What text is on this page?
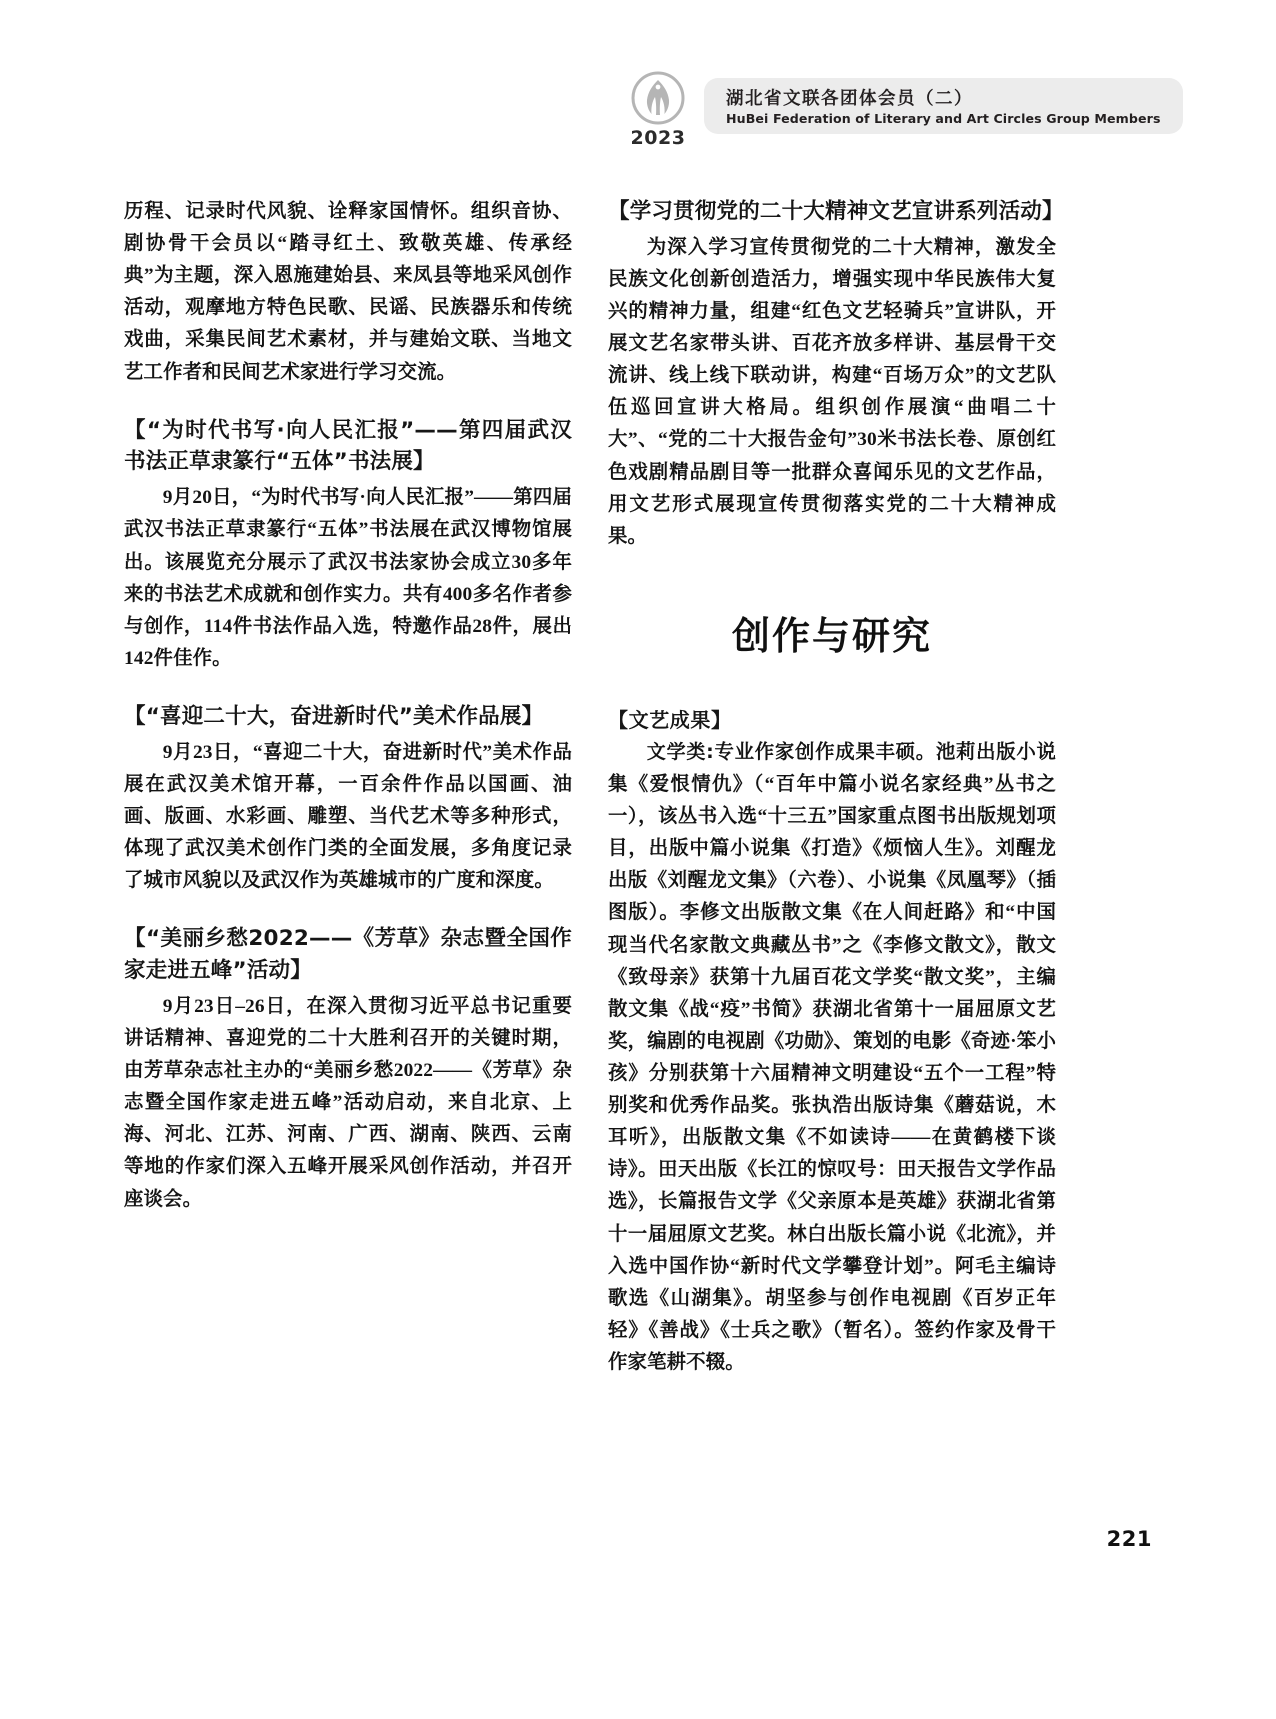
2023
湖北省文联各团体会员（二）
HuBei Federation of Literary and Art Circles Group Members

历程、记录时代风貌、诠释家国情怀。组织音协、剧协骨干会员以“踏寻红土、致敬英雄、传承经典”为主题，深入恩施建始县、来凤县等地采风创作活动，观摩地方特色民歌、民谣、民族器乐和传统戏曲，采集民间艺术素材，并与建始文联、当地文艺工作者和民间艺术家进行学习交流。

【“为时代书写·向人民汇报”——第四届武汉书法正草隶篆行“五体”书法展】

9月20日，“为时代书写·向人民汇报”——第四届武汉书法正草隶篆行“五体”书法展在武汉博物馆展出。该展览充分展示了武汉书法家协会成立30多年来的书法艺术成就和创作实力。共有400多名作者参与创作，114件书法作品入选，特邀作品28件，展出142件佳作。

【“喜迎二十大，奋进新时代”美术作品展】

9月23日，“喜迎二十大，奋进新时代”美术作品展在武汉美术馆开幕，一百余件作品以国画、油画、版画、水彩画、雕塑、当代艺术等多种形式，体现了武汉美术创作门类的全面发展，多角度记录了城市风貌以及武汉作为英雄城市的广度和深度。

【“美丽乡愁2022——《芳草》杂志暨全国作家走进五峰”活动】

9月23日–26日，在深入贯彻习近平总书记重要讲话精神、喜迎党的二十大胜利召开的关键时期，由芳草杂志社主办的“美丽乡愁2022——《芳草》杂志暨全国作家走进五峰”活动启动，来自北京、上海、河北、江苏、河南、广西、湖南、陕西、云南等地的作家们深入五峰开展采风创作活动，并召开座谈会。

【学习贯彻党的二十大精神文艺宣讲系列活动】

为深入学习宣传贯彻党的二十大精神，激发全民族文化创新创造活力，增强实现中华民族伟大复兴的精神力量，组建“红色文艺轻骑兵”宣讲队，开展文艺名家带头讲、百花齐放多样讲、基层骨干交流讲、线上线下联动讲，构建“百场万众”的文艺队伍巡回宣讲大格局。组织创作展演“曲唱二十大”、“党的二十大报告金句”30米书法长卷、原创红色戏剧精品剧目等一批群众喜闻乐见的文艺作品，用文艺形式展现宣传贯彻落实党的二十大精神成果。

创作与研究
【文艺成果】

文学类:专业作家创作成果丰硕。池莉出版小说集《爱恨情仇》（“百年中篇小说名家经典”丛书之一），该丛书入选“十三五”国家重点图书出版规划项目，出版中篇小说集《打造》《烦恼人生》。刘醒龙出版《刘醒龙文集》（六卷）、小说集《凤凰琴》（插图版）。李修文出版散文集《在人间赶路》和“中国现当代名家散文典藏丛书”之《李修文散文》，散文《致母亲》获第十九届百花文学奖“散文奖”，主编散文集《战“疫”书简》获湖北省第十一届屈原文艺奖，编剧的电视剧《功勋》、策划的电影《奇迹·笨小孩》分别获第十六届精神文明建设“五个一工程”特别奖和优秀作品奖。张执浩出版诗集《蘑菇说，木耳听》，出版散文集《不如读诗——在黄鹤楼下谈诗》。田天出版《长江的惊叹号：田天报告文学作品选》，长篇报告文学《父亲原本是英雄》获湖北省第十一届屈原文艺奖。林白出版长篇小说《北流》，并入选中国作协“新时代文学攀登计划”。阿毛主编诗歌选《山湖集》。胡坚参与创作电视剧《百岁正年轻》《善战》《士兵之歌》（暂名）。签约作家及骨干作家笔耕不辍。

221
